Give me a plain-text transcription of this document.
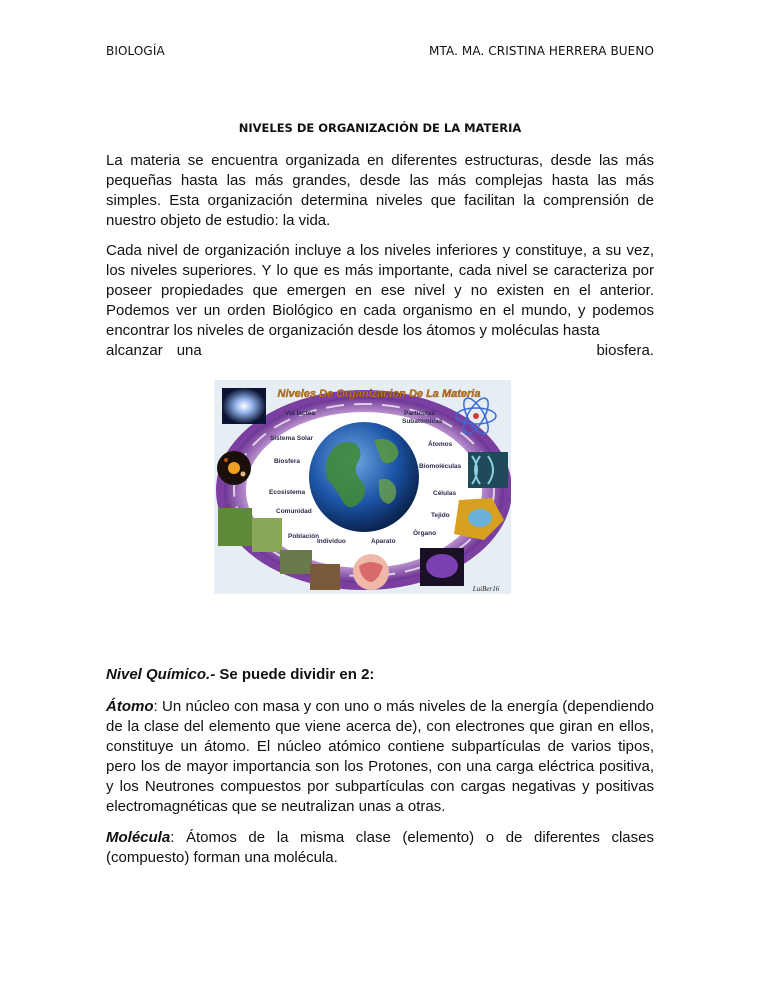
BIOLOGÍA	MTA. MA. CRISTINA HERRERA BUENO
NIVELES DE ORGANIZACIÓN DE LA MATERIA
La materia se encuentra organizada en diferentes estructuras, desde las más pequeñas hasta las más grandes, desde las más complejas hasta las más simples. Esta organización determina niveles que facilitan la comprensión de nuestro objeto de estudio: la vida.
Cada nivel de organización incluye a los niveles inferiores y constituye, a su vez, los niveles superiores. Y lo que es más importante, cada nivel se caracteriza por poseer propiedades que emergen en ese nivel y no existen en el anterior. Podemos ver un orden Biológico en cada organismo en el mundo, y podemos encontrar los niveles de organización desde los átomos y moléculas hasta
alcanzar una	biosfera.
Niveles De Organizacion De La Materia
Vía láctea
Sistema Solar
Biosfera
Ecosistema
Comunidad
Población
Individuo	Aparato
Órgano
Tejido
Células
Biomoléculas
Átomos
Partículas
Subatómicas
LuiBer16
Nivel Químico.- Se puede dividir en 2:
Átomo: Un núcleo con masa y con uno o más niveles de la energía (dependiendo de la clase del elemento que viene acerca de), con electrones que giran en ellos, constituye un átomo. El núcleo atómico contiene subpartículas de varios tipos, pero los de mayor importancia son los Protones, con una carga eléctrica positiva, y los Neutrones compuestos por subpartículas con cargas negativas y positivas electromagnéticas que se neutralizan unas a otras.
Molécula: Átomos de la misma clase (elemento) o de diferentes clases (compuesto) forman una molécula.
